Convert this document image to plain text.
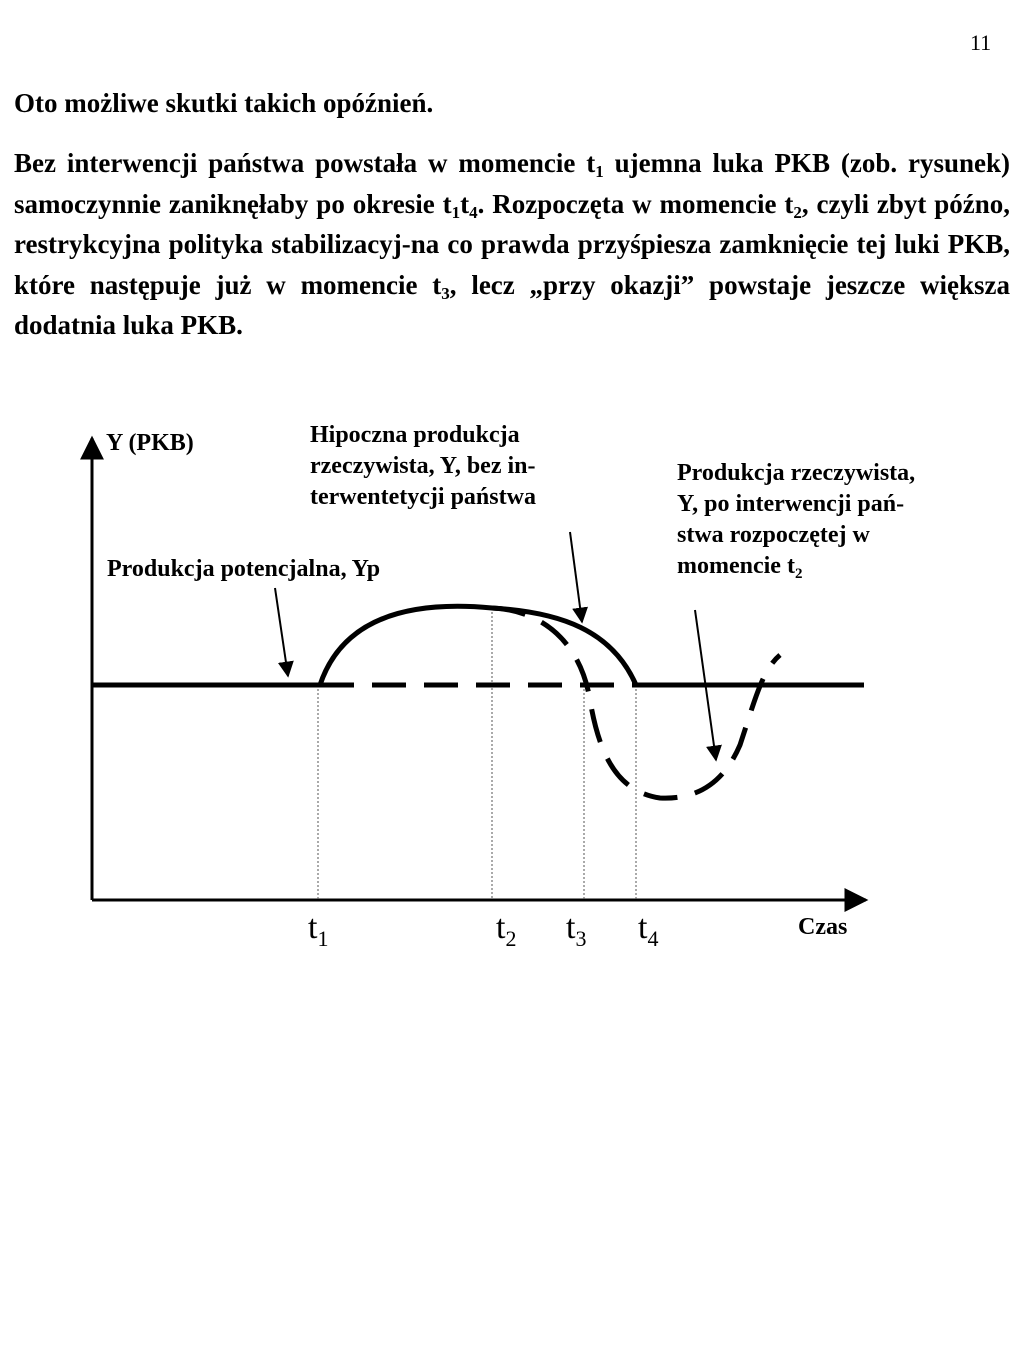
11
Oto możliwe skutki takich opóźnień.

Bez interwencji państwa powstała w momencie $t_1$ ujemna luka PKB (zob. rysunek) samoczynnie zaniknęłaby po okresie $t_1t_4$. Rozpoczęta w momencie $t_2$, czyli zbyt późno, restrykcyjna polityka stabilizacyj-na co prawda przyśpiesza zamknięcie tej luki PKB, które następuje już w momencie $t_3$, lecz „przy okazji” powstaje jeszcze większa dodatnia luka PKB.

Y (PKB)	Hipoczna produkcja
rzeczywista, Y, bez in-
terwentetycji państwa
Produkcja rzeczywista,
Y, po interwencji pań-
stwa rozpoczętej w
momencie $t_2$
Produkcja potencjalna, Yp
$t_1$	$t_2$ $t_3$ $t_4$	Czas
